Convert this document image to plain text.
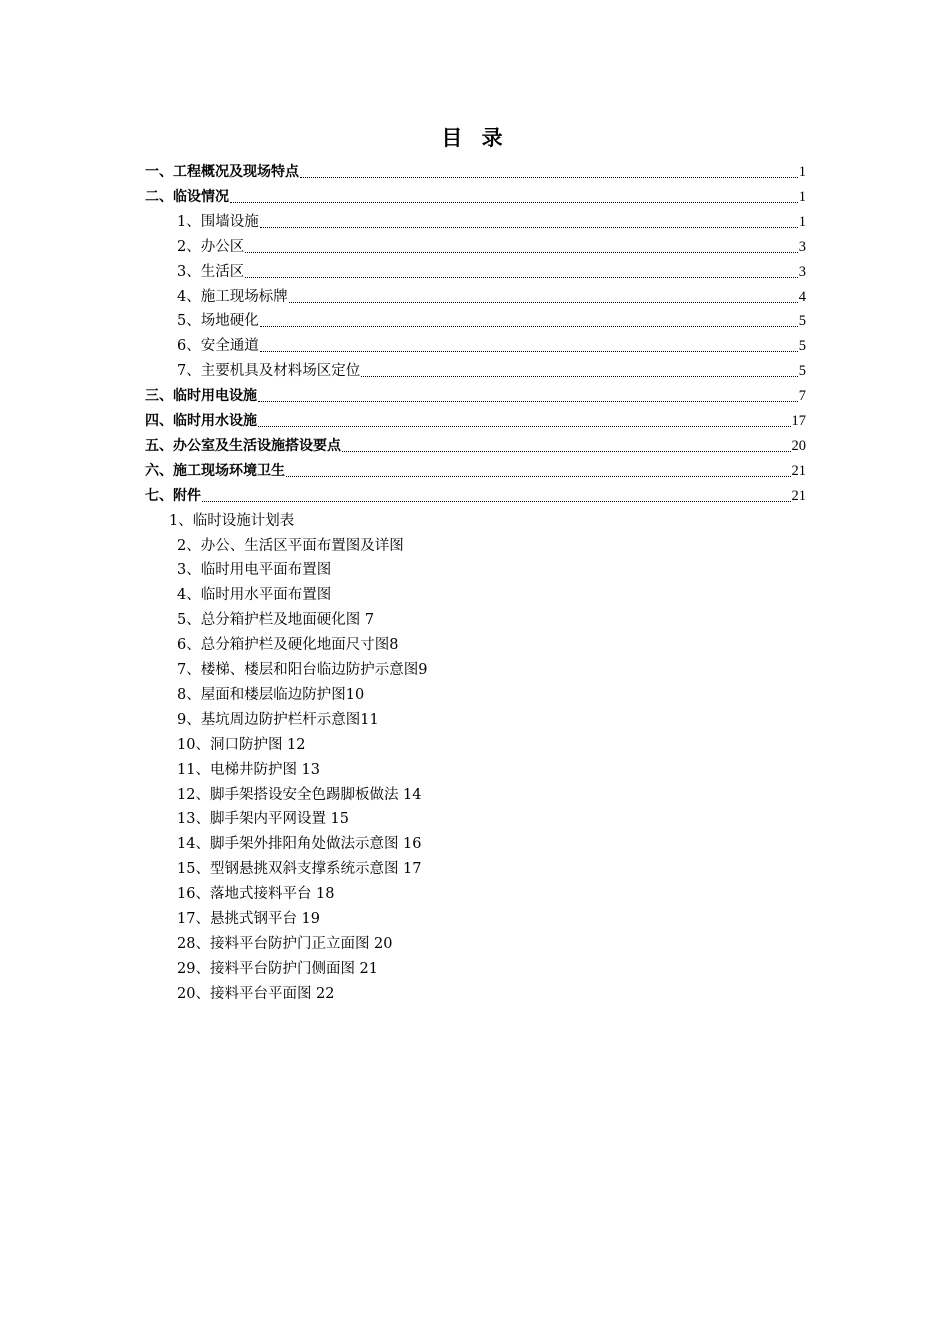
目 录
一、工程概况及现场特点	1
二、临设情况	1
1、围墙设施	1
2、办公区	3
3、生活区	3
4、施工现场标牌	4
5、场地硬化	5
6、安全通道	5
7、主要机具及材料场区定位	5
三、临时用电设施	7
四、临时用水设施	17
五、办公室及生活设施搭设要点	20
六、施工现场环境卫生	21
七、附件	21
1、临时设施计划表
2、办公、生活区平面布置图及详图
3、临时用电平面布置图
4、临时用水平面布置图
5、总分箱护栏及地面硬化图 7
6、总分箱护栏及硬化地面尺寸图8
7、楼梯、楼层和阳台临边防护示意图9
8、屋面和楼层临边防护图10
9、基坑周边防护栏杆示意图11
10、洞口防护图 12
11、电梯井防护图 13
12、脚手架搭设安全色踢脚板做法 14
13、脚手架内平网设置 15
14、脚手架外排阳角处做法示意图 16
15、型钢悬挑双斜支撑系统示意图 17
16、落地式接料平台 18
17、悬挑式钢平台 19
28、接料平台防护门正立面图 20
29、接料平台防护门侧面图 21
20、接料平台平面图 22
